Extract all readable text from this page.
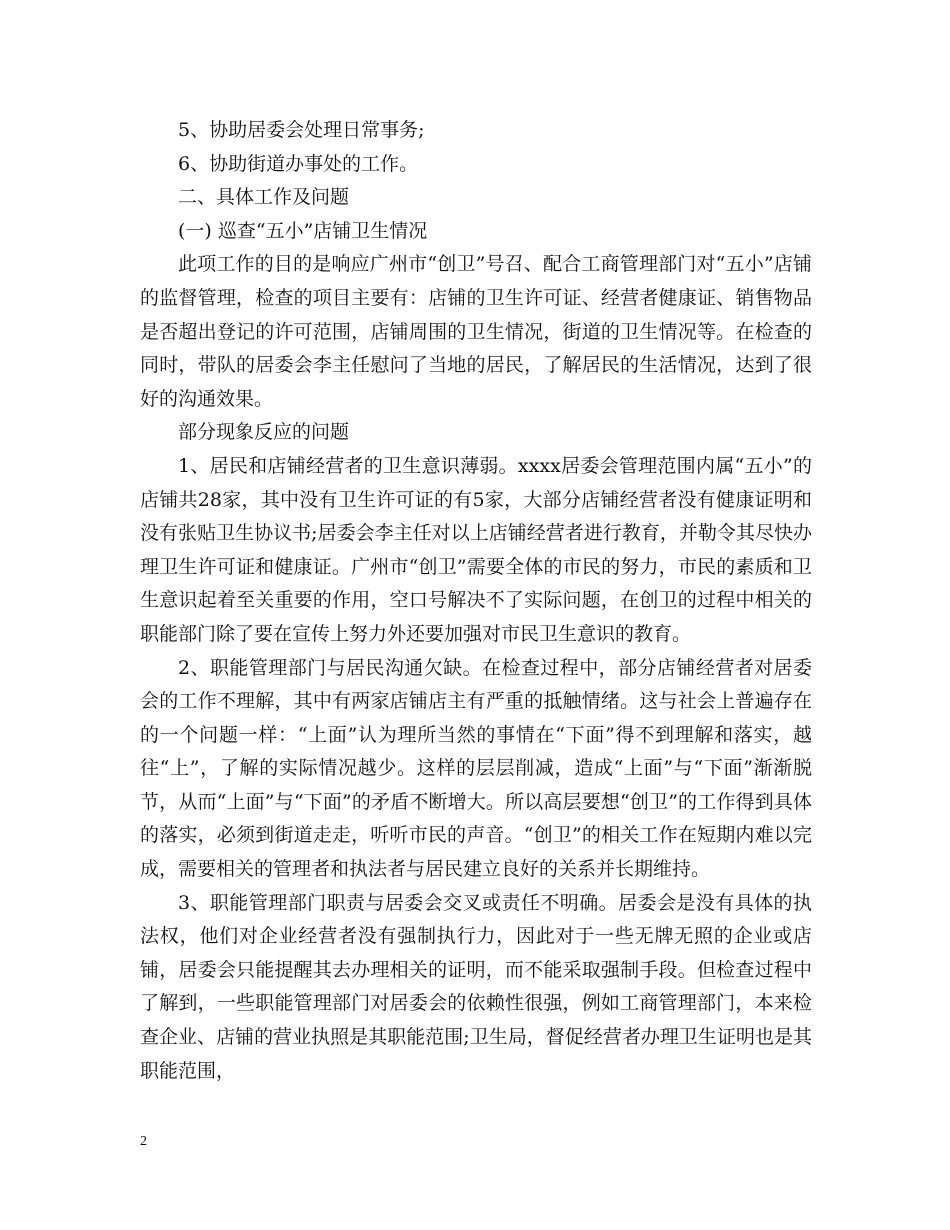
5、协助居委会处理日常事务;

6、协助街道办事处的工作。

二、具体工作及问题

(一) 巡查“五小”店铺卫生情况

此项工作的目的是响应广州市“创卫”号召、配合工商管理部门对“五小”店铺的监督管理，检查的项目主要有：店铺的卫生许可证、经营者健康证、销售物品是否超出登记的许可范围，店铺周围的卫生情况，街道的卫生情况等。在检查的同时，带队的居委会李主任慰问了当地的居民，了解居民的生活情况，达到了很好的沟通效果。

部分现象反应的问题

1、居民和店铺经营者的卫生意识薄弱。xxxx居委会管理范围内属“五小”的店铺共28家，其中没有卫生许可证的有5家，大部分店铺经营者没有健康证明和没有张贴卫生协议书;居委会李主任对以上店铺经营者进行教育，并勒令其尽快办理卫生许可证和健康证。广州市“创卫”需要全体的市民的努力，市民的素质和卫生意识起着至关重要的作用，空口号解决不了实际问题，在创卫的过程中相关的职能部门除了要在宣传上努力外还要加强对市民卫生意识的教育。

2、职能管理部门与居民沟通欠缺。在检查过程中，部分店铺经营者对居委会的工作不理解，其中有两家店铺店主有严重的抵触情绪。这与社会上普遍存在的一个问题一样：“上面”认为理所当然的事情在“下面”得不到理解和落实，越往“上”，了解的实际情况越少。这样的层层削减，造成“上面”与“下面”渐渐脱节，从而“上面”与“下面”的矛盾不断增大。所以高层要想“创卫”的工作得到具体的落实，必须到街道走走，听听市民的声音。“创卫”的相关工作在短期内难以完成，需要相关的管理者和执法者与居民建立良好的关系并长期维持。

3、职能管理部门职责与居委会交叉或责任不明确。居委会是没有具体的执法权，他们对企业经营者没有强制执行力，因此对于一些无牌无照的企业或店铺，居委会只能提醒其去办理相关的证明，而不能采取强制手段。但检查过程中了解到，一些职能管理部门对居委会的依赖性很强，例如工商管理部门，本来检查企业、店铺的营业执照是其职能范围;卫生局，督促经营者办理卫生证明也是其职能范围，

2
